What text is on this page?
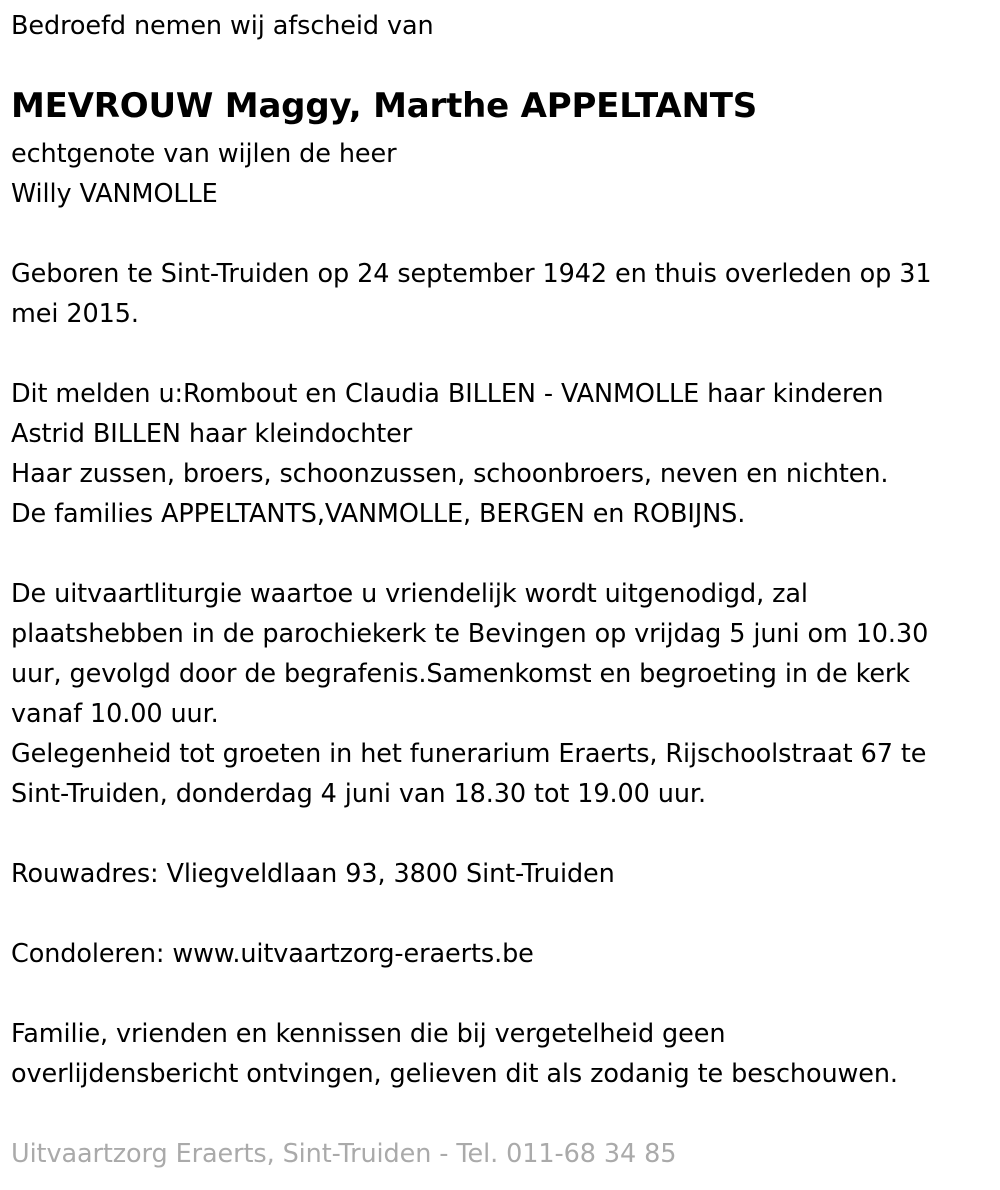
Bedroefd nemen wij afscheid van
MEVROUW Maggy, Marthe APPELTANTS
echtgenote van wijlen de heer
Willy VANMOLLE
Geboren te Sint-Truiden op 24 september 1942 en thuis overleden op 31
mei 2015.
Dit melden u:Rombout en Claudia BILLEN - VANMOLLE haar kinderen
Astrid BILLEN haar kleindochter
Haar zussen, broers, schoonzussen, schoonbroers, neven en nichten.
De families APPELTANTS,VANMOLLE, BERGEN en ROBIJNS.
De uitvaartliturgie waartoe u vriendelijk wordt uitgenodigd, zal
plaatshebben in de parochiekerk te Bevingen op vrijdag 5 juni om 10.30
uur, gevolgd door de begrafenis.Samenkomst en begroeting in de kerk
vanaf 10.00 uur.
Gelegenheid tot groeten in het funerarium Eraerts, Rijschoolstraat 67 te
Sint-Truiden, donderdag 4 juni van 18.30 tot 19.00 uur.
Rouwadres: Vliegveldlaan 93, 3800 Sint-Truiden
Condoleren: www.uitvaartzorg-eraerts.be
Familie, vrienden en kennissen die bij vergetelheid geen
overlijdensbericht ontvingen, gelieven dit als zodanig te beschouwen.
Uitvaartzorg Eraerts, Sint-Truiden - Tel. 011-68 34 85
